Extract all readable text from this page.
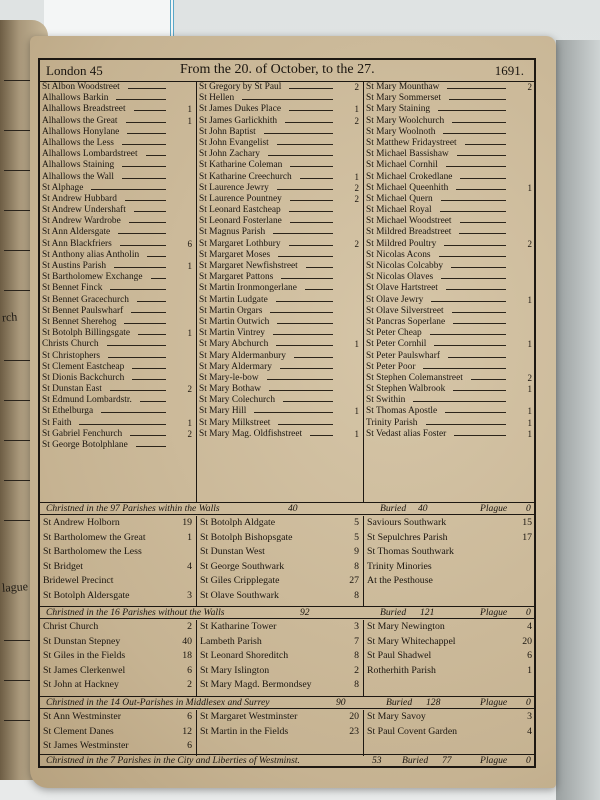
rch
lague
London 45	From the 20. of October, to the 27.	1691.
St Albon Woodstreet
Alhallows Barkin
Alhallows Breadstreet	1
Alhallows the Great	1
Alhallows Honylane
Alhallows the Less
Alhallows Lombardstreet
Alhallows Staining
Alhallows the Wall
St Alphage
St Andrew Hubbard
St Andrew Undershaft
St Andrew Wardrobe
St Ann Aldersgate
St Ann Blackfriers	6
St Anthony alias Antholin
St Austins Parish	1
St Bartholomew Exchange
St Bennet Finck
St Bennet Gracechurch
St Bennet Paulswharf
St Bennet Sherehog
St Botolph Billingsgate	1
Christs Church
St Christophers
St Clement Eastcheap
St Dionis Backchurch
St Dunstan East	2
St Edmund Lombardstr.
St Ethelburga
St Faith	1
St Gabriel Fenchurch	2
St George Botolphlane
St Gregory by St Paul	2
St Hellen
St James Dukes Place	1
St James Garlickhith	2
St John Baptist
St John Evangelist
St John Zachary
St Katharine Coleman
St Katharine Creechurch	1
St Laurence Jewry	2
St Laurence Pountney	2
St Leonard Eastcheap
St Leonard Fosterlane
St Magnus Parish
St Margaret Lothbury	2
St Margaret Moses
St Margaret Newfishstreet
St Margaret Pattons
St Martin Ironmongerlane
St Martin Ludgate
St Martin Orgars
St Martin Outwich
St Martin Vintrey
St Mary Abchurch	1
St Mary Aldermanbury
St Mary Aldermary
St Mary-le-bow
St Mary Bothaw
St Mary Colechurch
St Mary Hill	1
St Mary Milkstreet
St Mary Mag. Oldfishstreet	1
St Mary Mounthaw	2
St Mary Sommerset
St Mary Staining
St Mary Woolchurch
St Mary Woolnoth
St Matthew Fridaystreet
St Michael Bassishaw
St Michael Cornhil
St Michael Crokedlane
St Michael Queenhith	1
St Michael Quern
St Michael Royal
St Michael Woodstreet
St Mildred Breadstreet
St Mildred Poultry	2
St Nicolas Acons
St Nicolas Colcabby
St Nicolas Olaves
St Olave Hartstreet
St Olave Jewry	1
St Olave Silverstreet
St Pancras Soperlane
St Peter Cheap
St Peter Cornhil	1
St Peter Paulswharf
St Peter Poor
St Stephen Colemanstreet	2
St Stephen Walbrook	1
St Swithin
St Thomas Apostle	1
Trinity Parish	1
St Vedast alias Foster	1
Christned in the 97 Parishes within the Walls	40	Buried 40	Plague 0
St Andrew Holborn	19
St Bartholomew the Great	1
St Bartholomew the Less
St Bridget	4
Bridewel Precinct
St Botolph Aldersgate	3
St Botolph Aldgate	5
St Botolph Bishopsgate	5
St Dunstan West	9
St George Southwark	8
St Giles Cripplegate	27
St Olave Southwark	8
Saviours Southwark	15
St Sepulchres Parish	17
St Thomas Southwark
Trinity Minories
At the Pesthouse
Christned in the 16 Parishes without the Walls	92	Buried 121	Plague 0
Christ Church	2
St Dunstan Stepney	40
St Giles in the Fields	18
St James Clerkenwel	6
St John at Hackney	2
St Katharine Tower	3
Lambeth Parish	7
St Leonard Shoreditch	8
St Mary Islington	2
St Mary Magd. Bermondsey	8
St Mary Newington	4
St Mary Whitechappel	20
St Paul Shadwel	6
Rotherhith Parish	1
Christned in the 14 Out-Parishes in Middlesex and Surrey	90	Buried 128	Plague 0
St Ann Westminster	6
St Clement Danes	12
St James Westminster	6
St Margaret Westminster	20
St Martin in the Fields	23
St Mary Savoy	3
St Paul Covent Garden	4
Christned in the 7 Parishes in the City and Liberties of Westminst.	53 Buried 77	Plague 0
